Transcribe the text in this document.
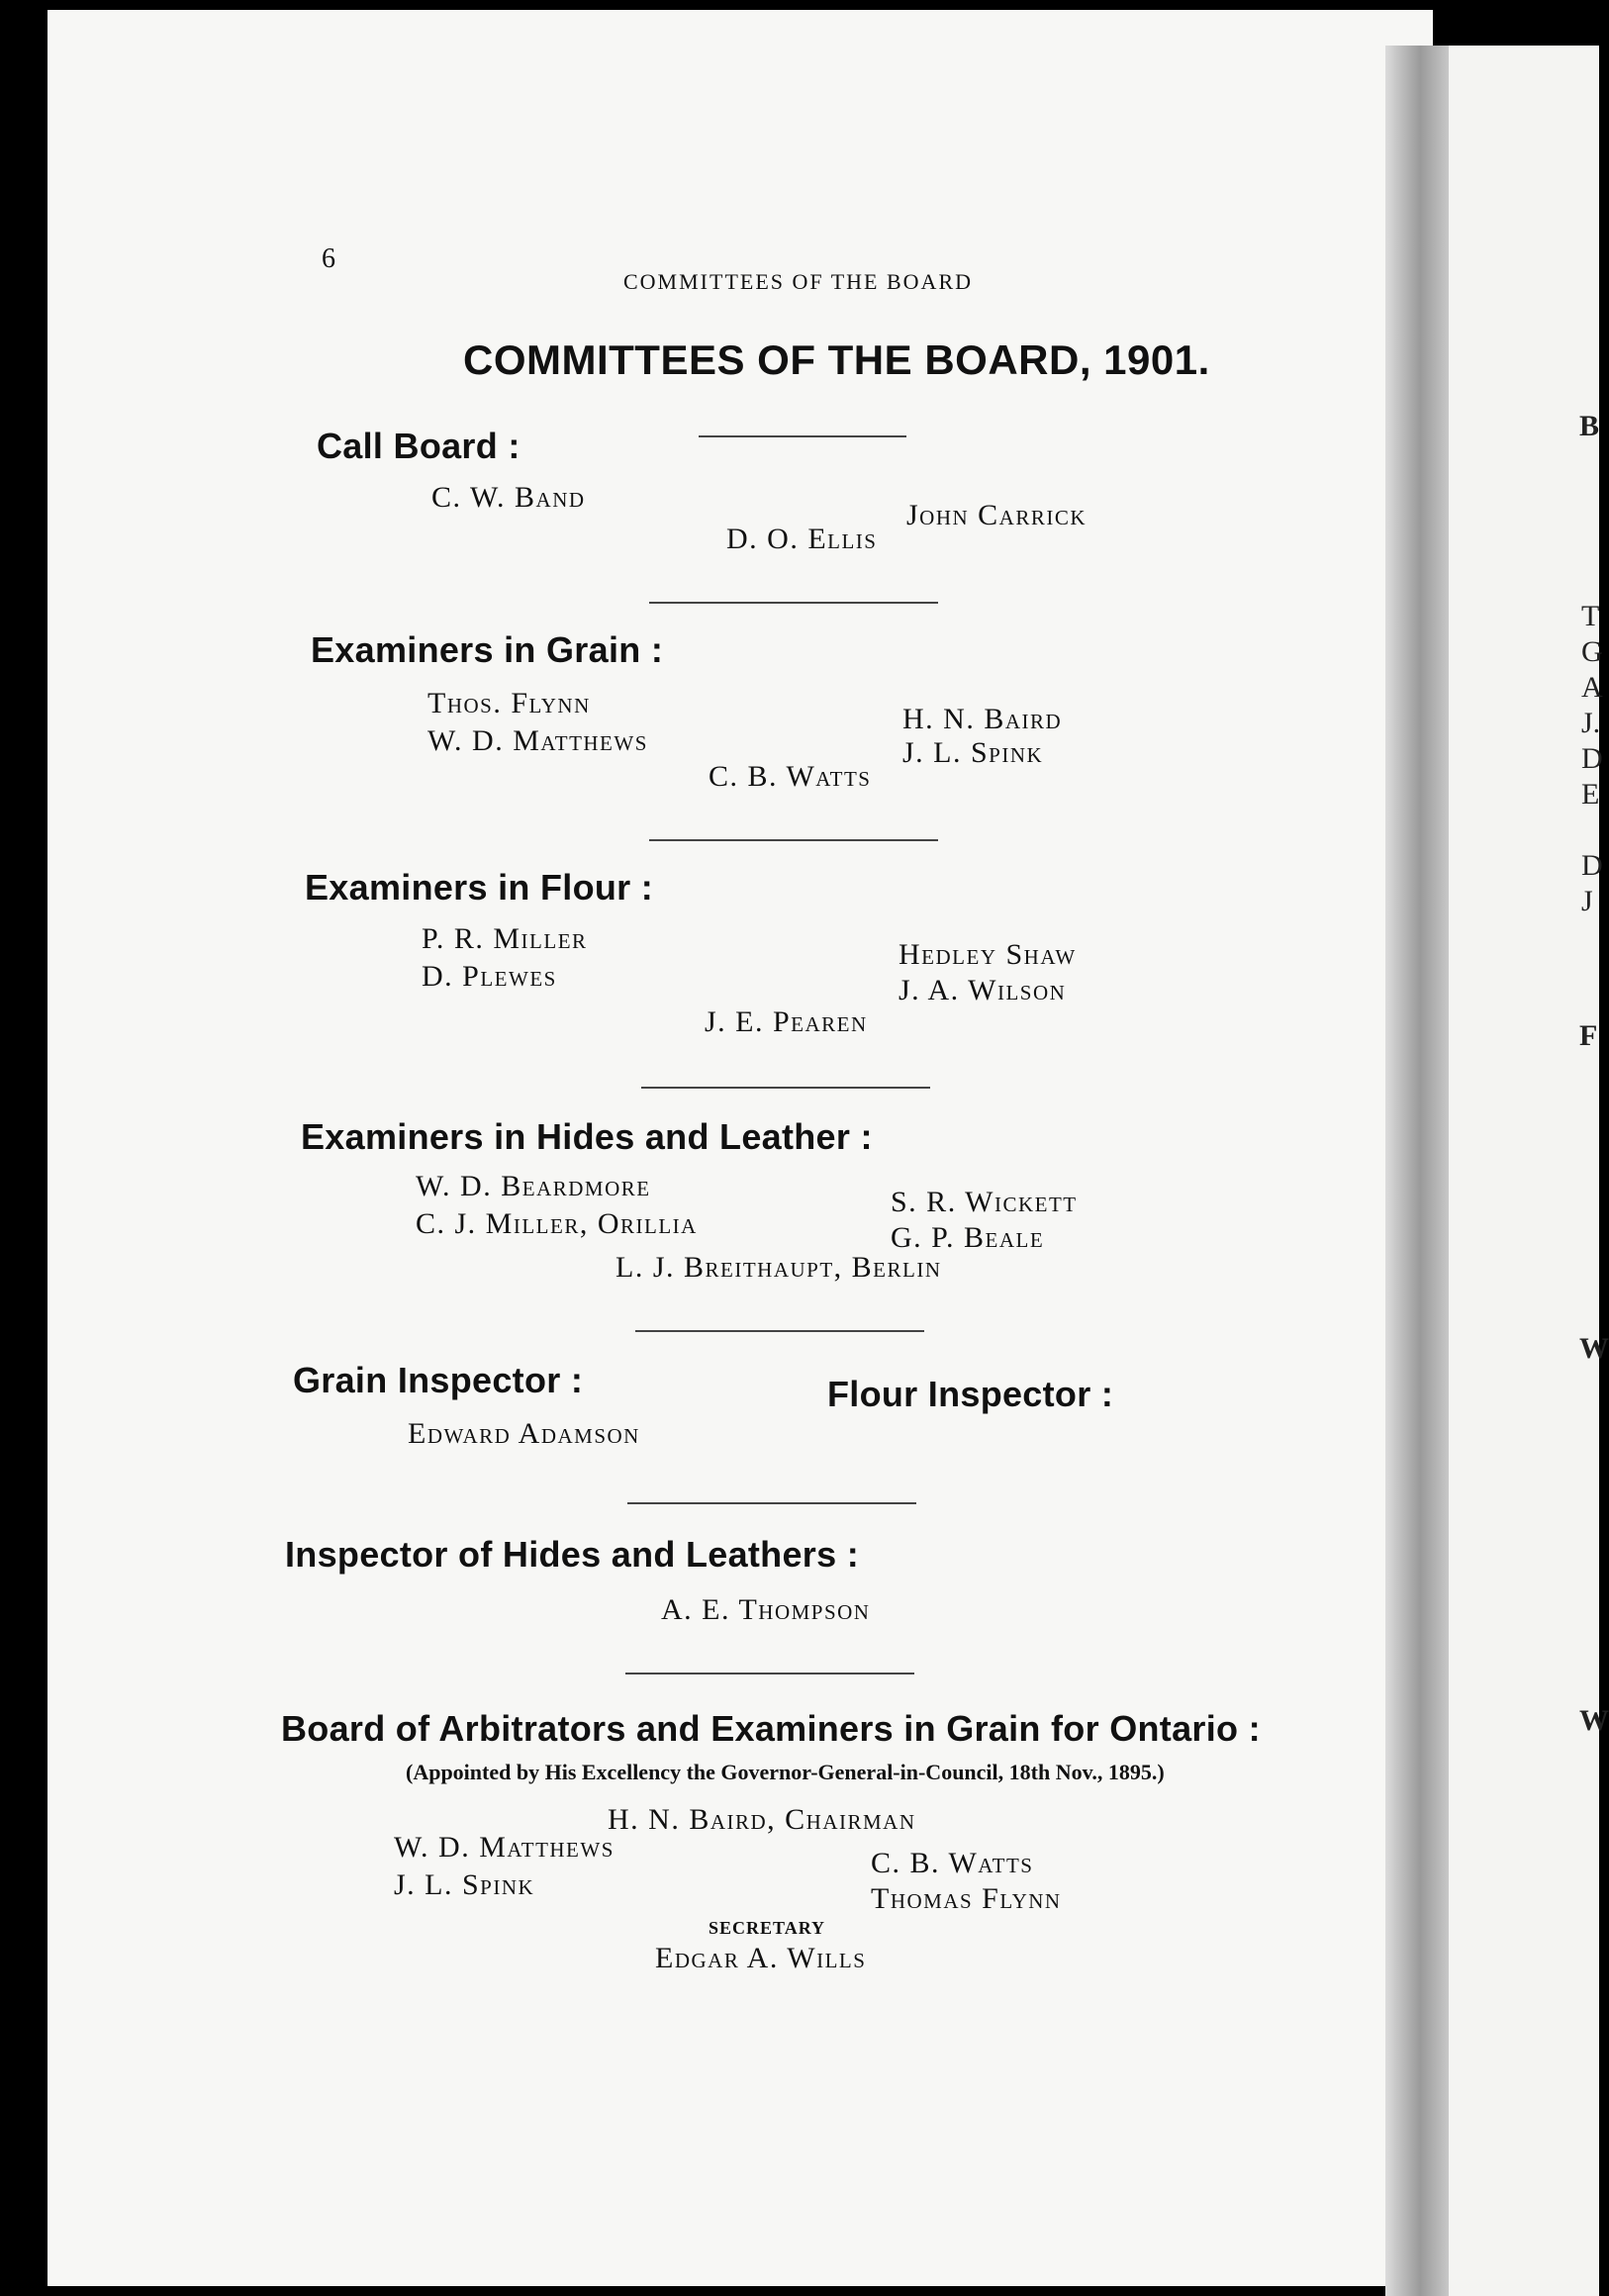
6
COMMITTEES OF THE BOARD
COMMITTEES OF THE BOARD, 1901.
Call Board :
C. W. Band
John Carrick
D. O. Ellis
Examiners in Grain :
Thos. Flynn
W. D. Matthews
H. N. Baird
J. L. Spink
C. B. Watts
Examiners in Flour :
P. R. Miller
D. Plewes
Hedley Shaw
J. A. Wilson
J. E. Pearen
Examiners in Hides and Leather :
W. D. Beardmore
C. J. Miller, Orillia
S. R. Wickett
G. P. Beale
L. J. Breithaupt, Berlin
Grain Inspector :	Flour Inspector :
Edward Adamson
Inspector of Hides and Leathers :
A. E. Thompson
Board of Arbitrators and Examiners in Grain for Ontario :
(Appointed by His Excellency the Governor-General-in-Council, 18th Nov., 1895.)
H. N. Baird, Chairman
W. D. Matthews
J. L. Spink
C. B. Watts
Thomas Flynn
SECRETARY
Edgar A. Wills
B
T
G
A
J.
D
E
D
J
F
W
W
